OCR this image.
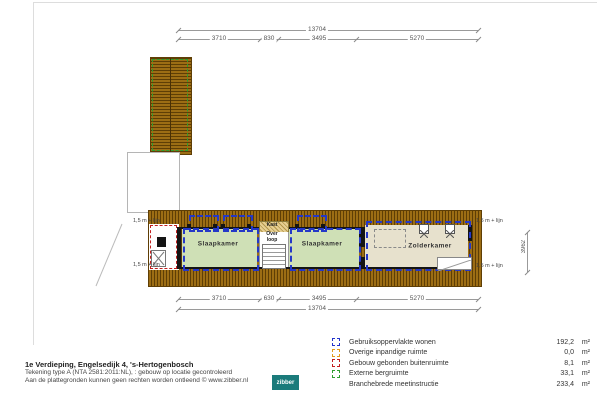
13704
3710	830	3495	5270
Slaapkamer
Kast
Over
loop
Slaapkamer	Zolderkamer
1,5 m + lijn
1,5 m + lijn
1,5 m + lijn
1,5 m + lijn
3962
3710	630	3495	5270
13704
Gebruiksoppervlakte wonen	192,2	m²
Overige inpandige ruimte	0,0	m²
Gebouw gebonden buitenruimte	8,1	m²
Externe bergruimte	33,1	m²
Branchebrede meetinstructie	233,4	m²
1e Verdieping, Engelsedijk 4, 's-Hertogenbosch
Tekening type A (NTA 2581:2011:NL), : gebouw op locatie gecontroleerd
Aan de plattegronden kunnen geen rechten worden ontleend © www.zibber.nl	zibber
